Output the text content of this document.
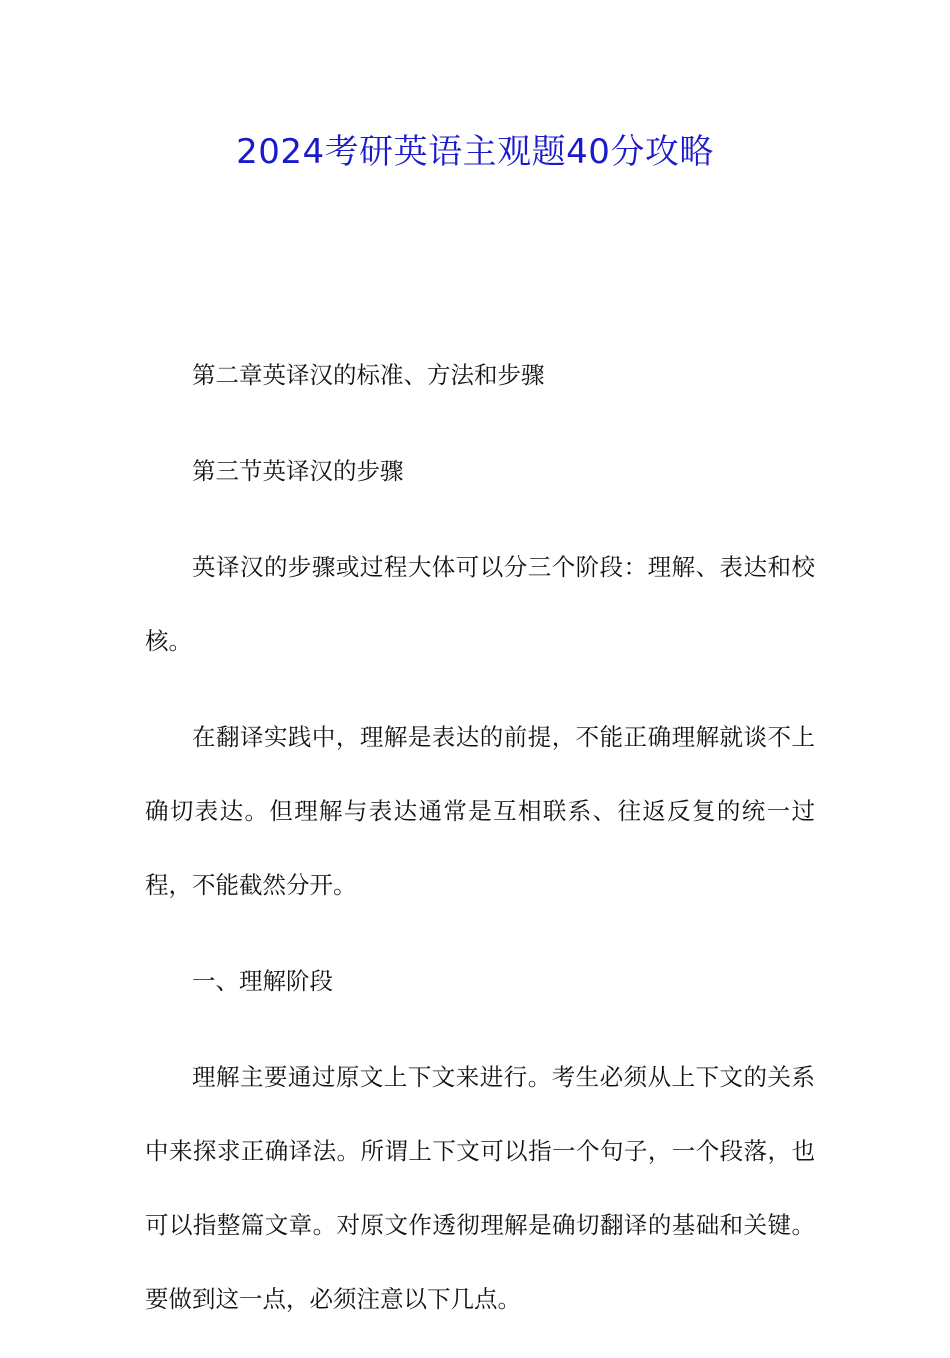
2024考研英语主观题40分攻略

第二章英译汉的标准、方法和步骤

第三节英译汉的步骤

英译汉的步骤或过程大体可以分三个阶段：理解、表达和校核。

在翻译实践中，理解是表达的前提，不能正确理解就谈不上确切表达。但理解与表达通常是互相联系、往返反复的统一过程，不能截然分开。

一、理解阶段

理解主要通过原文上下文来进行。考生必须从上下文的关系中来探求正确译法。所谓上下文可以指一个句子，一个段落，也可以指整篇文章。对原文作透彻理解是确切翻译的基础和关键。要做到这一点，必须注意以下几点。
